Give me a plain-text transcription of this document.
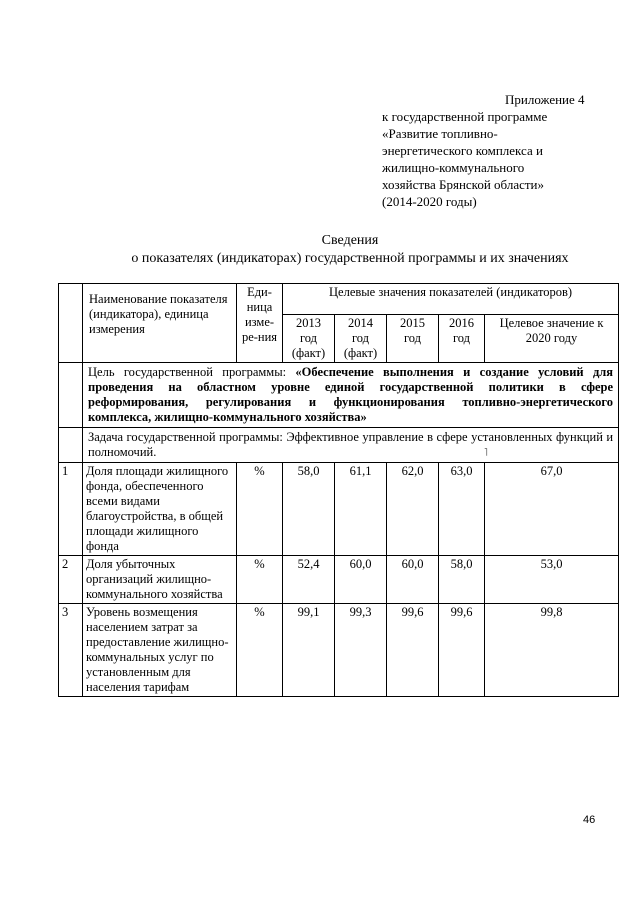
Приложение 4
к государственной программе
«Развитие топливно-
энергетического комплекса и
жилищно-коммунального
хозяйства Брянской области»
(2014-2020 годы)
Сведения
о показателях (индикаторах) государственной программы и их значениях
˥
	Наименование показателя (индикатора), единица измерения	Еди-ница изме-ре-ния	Целевые значения показателей (индикаторов)				
			2013 год (факт)	2014 год (факт)	2015 год	2016 год	Целевое значение к 2020 году
	Цель государственной программы: «Обеспечение выполнения и создание условий для проведения на областном уровне единой государственной политики в сфере реформирования, регулирования и функционирования топливно-энергетического комплекса, жилищно-коммунального хозяйства»						
	Задача государственной программы: Эффективное управление в сфере установленных функций и полномочий.						
1	Доля площади жилищного фонда, обеспеченного всеми видами благоустройства, в общей площади жилищного фонда	%	58,0	61,1	62,0	63,0	67,0
2	Доля убыточных организаций жилищно-коммунального хозяйства	%	52,4	60,0	60,0	58,0	53,0
3	Уровень возмещения населением затрат за предоставление жилищно-коммунальных услуг по установленным для населения тарифам	%	99,1	99,3	99,6	99,6	99,8
46
